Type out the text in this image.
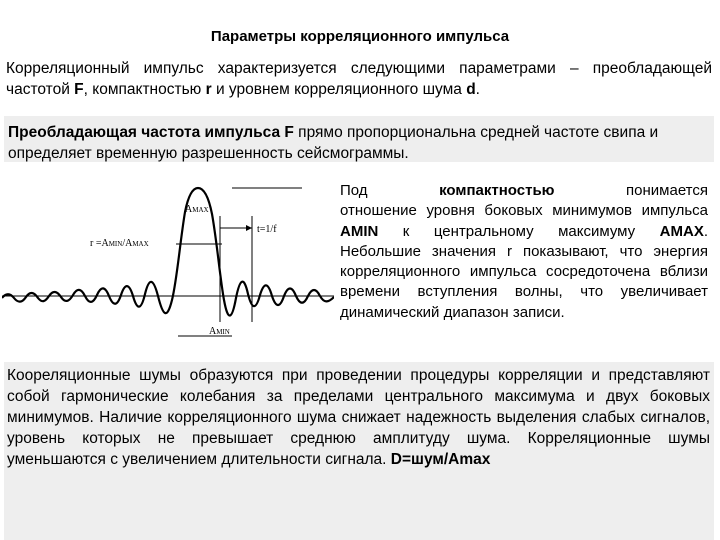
Параметры корреляционного импульса
Корреляционный импульс характеризуется следующими параметрами – преобладающей частотой F, компактностью r и уровнем корреляционного шума d.
Преобладающая частота импульса F прямо пропорциональна средней частоте свипа и определяет временную разрешенность сейсмограммы.
AMAX
r =AMIN/AMAX
t=1/f
AMIN
Под	компактностью	понимается
отношение уровня боковых минимумов импульса AMIN к центральному максимуму AMAX. Небольшие значения r показывают, что энергия корреляционного импульса сосредоточена вблизи времени вступления волны, что увеличивает динамический диапазон записи.
Кооpеляционные шумы образуются при проведении процедуры корреляции и представляют собой гармонические колебания за пределами центрального максимума и двух боковых минимумов. Наличие корреляционного шума снижает надежность выделения слабых сигналов, уровень которых не превышает среднюю амплитуду шума. Корреляционные шумы уменьшаются с увеличением длительности сигнала. D=шум/Amax
